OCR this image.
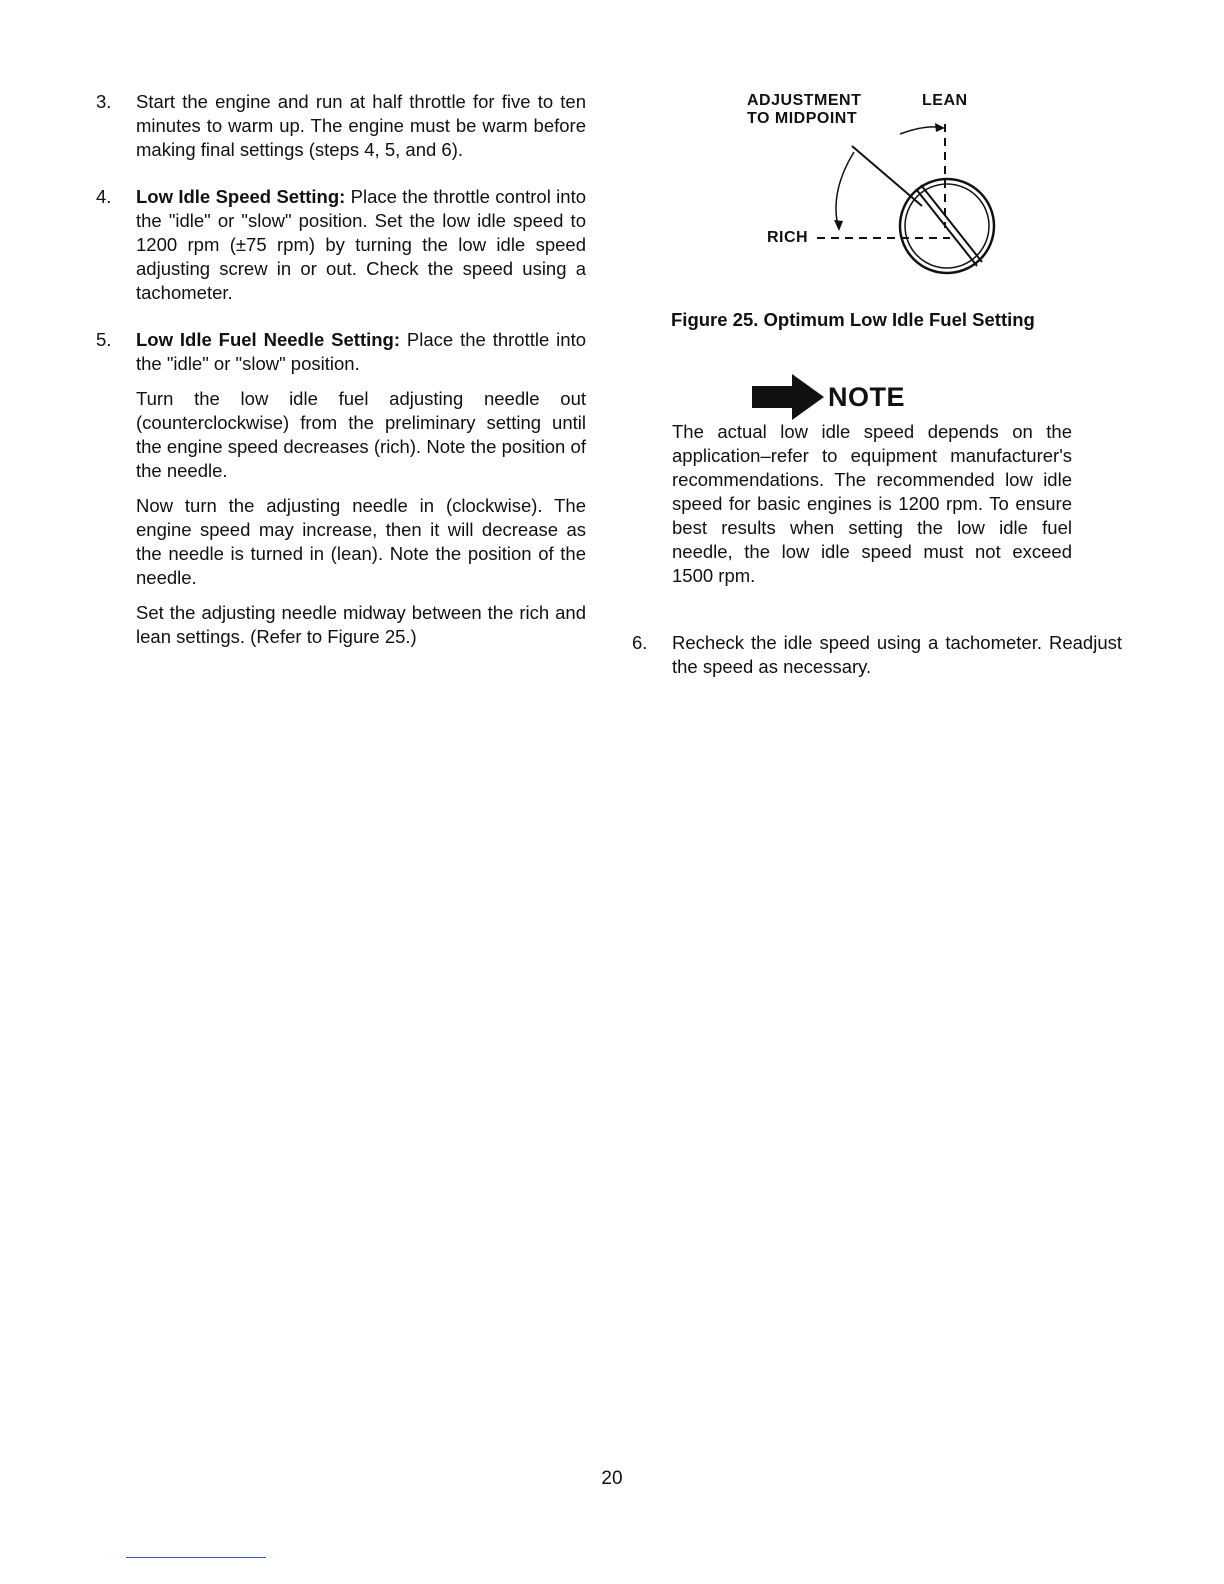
3.	Start the engine and run at half throttle for five to ten minutes to warm up. The engine must be warm before making final settings (steps 4, 5, and 6).

4.	Low Idle Speed Setting: Place the throttle control into the "idle" or "slow" position. Set the low idle speed to 1200 rpm (±75 rpm) by turning the low idle speed adjusting screw in or out. Check the speed using a tachometer.

5.	Low Idle Fuel Needle Setting: Place the throttle into the "idle" or "slow" position.

Turn the low idle fuel adjusting needle out (counterclockwise) from the preliminary setting until the engine speed decreases (rich). Note the position of the needle.

Now turn the adjusting needle in (clockwise). The engine speed may increase, then it will decrease as the needle is turned in (lean). Note the position of the needle.

Set the adjusting needle midway between the rich and lean settings. (Refer to Figure 25.)

ADJUSTMENT
TO MIDPOINT
LEAN
RICH
Figure 25. Optimum Low Idle Fuel Setting
NOTE

The actual low idle speed depends on the application–refer to equipment manufacturer's recommendations. The recommended low idle speed for basic engines is 1200 rpm. To ensure best results when setting the low idle fuel needle, the low idle speed must not exceed 1500 rpm.

6.	Recheck the idle speed using a tachometer. Readjust the speed as necessary.

20
